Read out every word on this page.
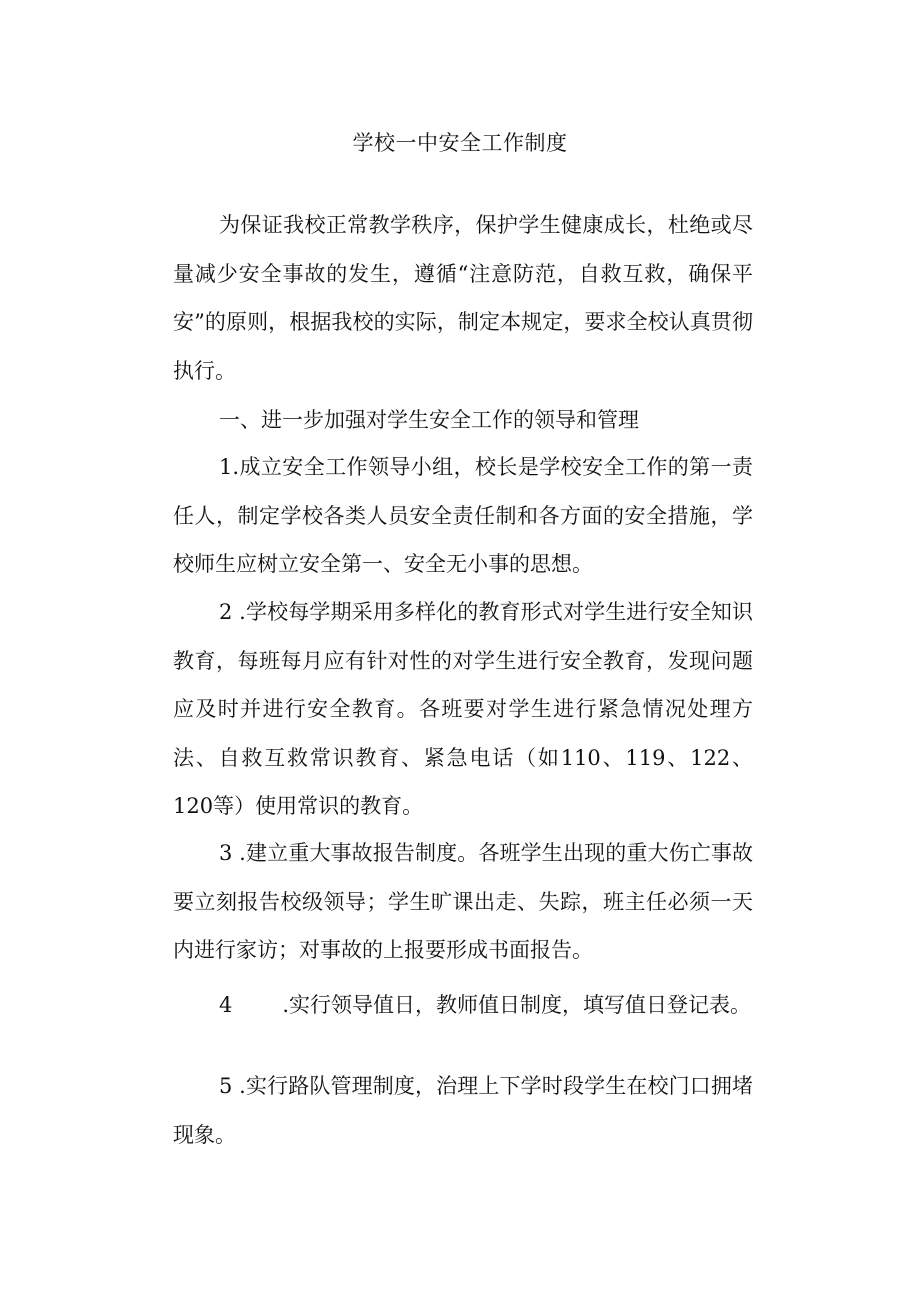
学校一中安全工作制度

为保证我校正常教学秩序，保护学生健康成长，杜绝或尽量减少安全事故的发生，遵循“注意防范，自救互救，确保平安”的原则，根据我校的实际，制定本规定，要求全校认真贯彻执行。

一、进一步加强对学生安全工作的领导和管理

1.成立安全工作领导小组，校长是学校安全工作的第一责任人，制定学校各类人员安全责任制和各方面的安全措施，学校师生应树立安全第一、安全无小事的思想。

2 .学校每学期采用多样化的教育形式对学生进行安全知识教育，每班每月应有针对性的对学生进行安全教育，发现问题应及时并进行安全教育。各班要对学生进行紧急情况处理方法、自救互救常识教育、紧急电话（如110、119、122、120等）使用常识的教育。

3 .建立重大事故报告制度。各班学生出现的重大伤亡事故要立刻报告校级领导；学生旷课出走、失踪，班主任必须一天内进行家访；对事故的上报要形成书面报告。

4 .实行领导值日，教师值日制度，填写值日登记表。

5 .实行路队管理制度，治理上下学时段学生在校门口拥堵现象。
